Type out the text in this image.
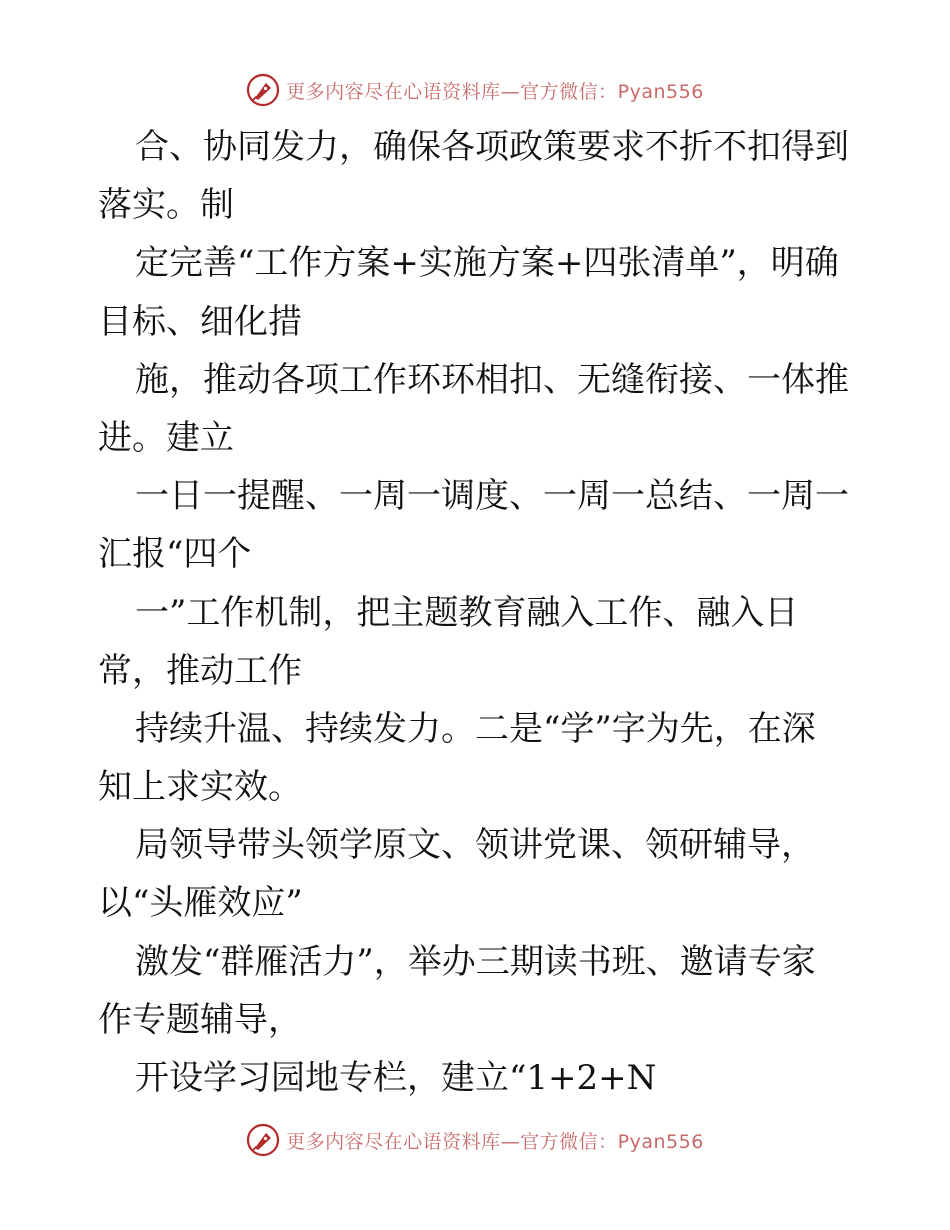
更多内容尽在心语资料库—官方微信：Pyan556
合、协同发力，确保各项政策要求不折不扣得到
落实。制
定完善“工作方案+实施方案+四张清单”，明确
目标、细化措
施，推动各项工作环环相扣、无缝衔接、一体推
进。建立
一日一提醒、一周一调度、一周一总结、一周一
汇报“四个
一”工作机制，把主题教育融入工作、融入日
常，推动工作
持续升温、持续发力。二是“学”字为先，在深
知上求实效。
局领导带头领学原文、领讲党课、领研辅导，
以“头雁效应”
激发“群雁活力”，举办三期读书班、邀请专家
作专题辅导，
开设学习园地专栏，建立“1+2+N
更多内容尽在心语资料库—官方微信：Pyan556
